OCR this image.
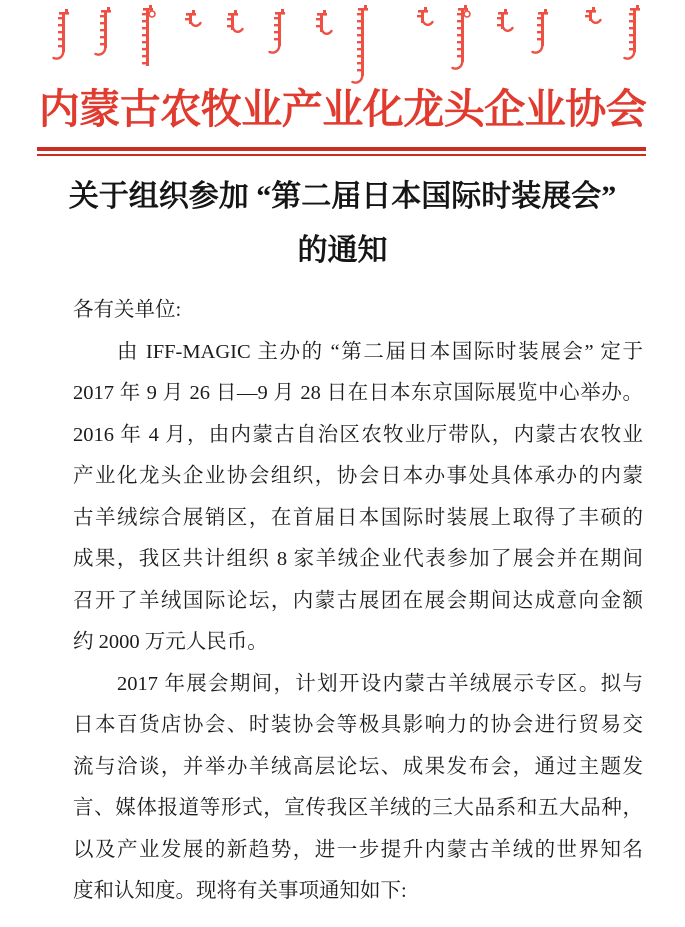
内蒙古农牧业产业化龙头企业协会
关于组织参加 “第二届日本国际时装展会”
的通知
各有关单位:
由 IFF-MAGIC 主办的 “第二届日本国际时装展会” 定于
2017 年 9 月 26 日—9 月 28 日在日本东京国际展览中心举办。
2016 年 4 月，由内蒙古自治区农牧业厅带队，内蒙古农牧业
产业化龙头企业协会组织，协会日本办事处具体承办的内蒙
古羊绒综合展销区，在首届日本国际时装展上取得了丰硕的
成果，我区共计组织 8 家羊绒企业代表参加了展会并在期间
召开了羊绒国际论坛，内蒙古展团在展会期间达成意向金额
约 2000 万元人民币。
2017 年展会期间，计划开设内蒙古羊绒展示专区。拟与
日本百货店协会、时装协会等极具影响力的协会进行贸易交
流与洽谈，并举办羊绒高层论坛、成果发布会，通过主题发
言、媒体报道等形式，宣传我区羊绒的三大品系和五大品种，
以及产业发展的新趋势，进一步提升内蒙古羊绒的世界知名
度和认知度。现将有关事项通知如下:
